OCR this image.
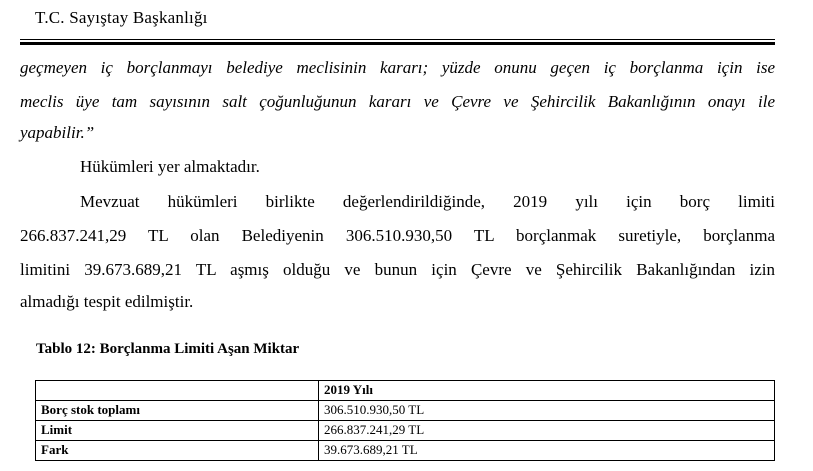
T.C. Sayıştay Başkanlığı
geçmeyen iç borçlanmayı belediye meclisinin kararı; yüzde onunu geçen iç borçlanma için ise
meclis üye tam sayısının salt çoğunluğunun kararı ve Çevre ve Şehircilik Bakanlığının onayı ile
yapabilir.”
Hükümleri yer almaktadır.
Mevzuat hükümleri birlikte değerlendirildiğinde, 2019 yılı için borç limiti
266.837.241,29 TL olan Belediyenin 306.510.930,50 TL borçlanmak suretiyle, borçlanma
limitini 39.673.689,21 TL aşmış olduğu ve bunun için Çevre ve Şehircilik Bakanlığından izin
almadığı tespit edilmiştir.
Tablo 12: Borçlanma Limiti Aşan Miktar
	2019 Yılı
Borç stok toplamı	306.510.930,50 TL
Limit	266.837.241,29 TL
Fark	39.673.689,21 TL
